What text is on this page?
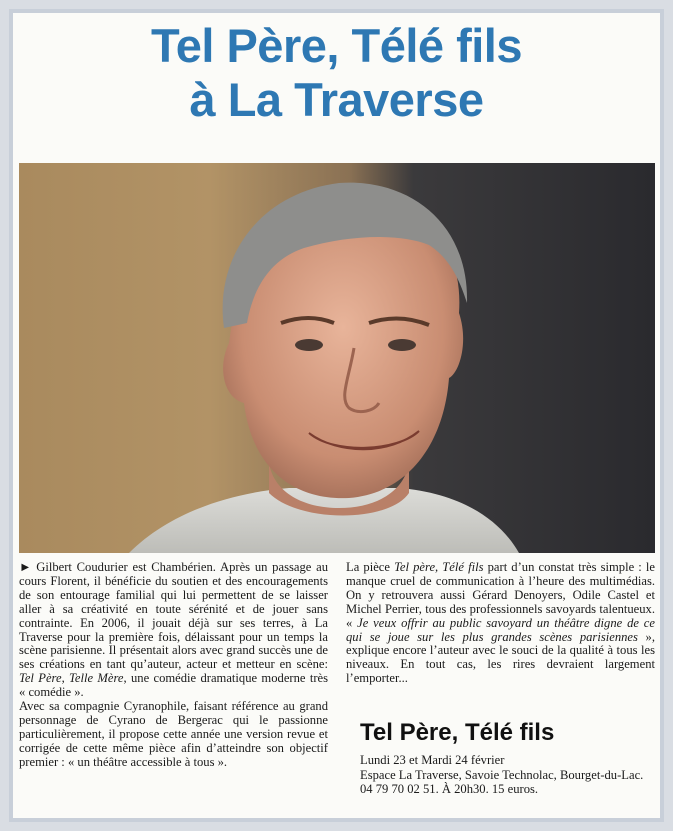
Tel Père, Télé fils
à La Traverse

► Gilbert Coudurier est Chambérien. Après un passage au cours Florent, il bénéficie du soutien et des encouragements de son entourage familial qui lui permettent de se laisser aller à sa créativité en toute sérénité et de jouer sans contrainte. En 2006, il jouait déjà sur ses terres, à La Traverse pour la première fois, délaissant pour un temps la scène parisienne. Il présentait alors avec grand succès une de ses créations en tant qu’auteur, acteur et metteur en scène: Tel Père, Telle Mère, une comédie dramatique moderne très « comédie ».

Avec sa compagnie Cyranophile, faisant référence au grand personnage de Cyrano de Bergerac qui le passionne particulièrement, il propose cette année une version revue et corrigée de cette même pièce afin d’atteindre son objectif premier : « un théâtre accessible à tous ».

La pièce Tel père, Télé fils part d’un constat très simple : le manque cruel de communication à l’heure des multimédias. On y retrouvera aussi Gérard Denoyers, Odile Castel et Michel Perrier, tous des professionnels savoyards talentueux. « Je veux offrir au public savoyard un théâtre digne de ce qui se joue sur les plus grandes scènes parisiennes », explique encore l’auteur avec le souci de la qualité à tous les niveaux. En tout cas, les rires devraient largement l’emporter...

Tel Père, Télé fils

Lundi 23 et Mardi 24 février

Espace La Traverse, Savoie Technolac, Bourget-du-Lac. 04 79 70 02 51. À 20h30. 15 euros.
